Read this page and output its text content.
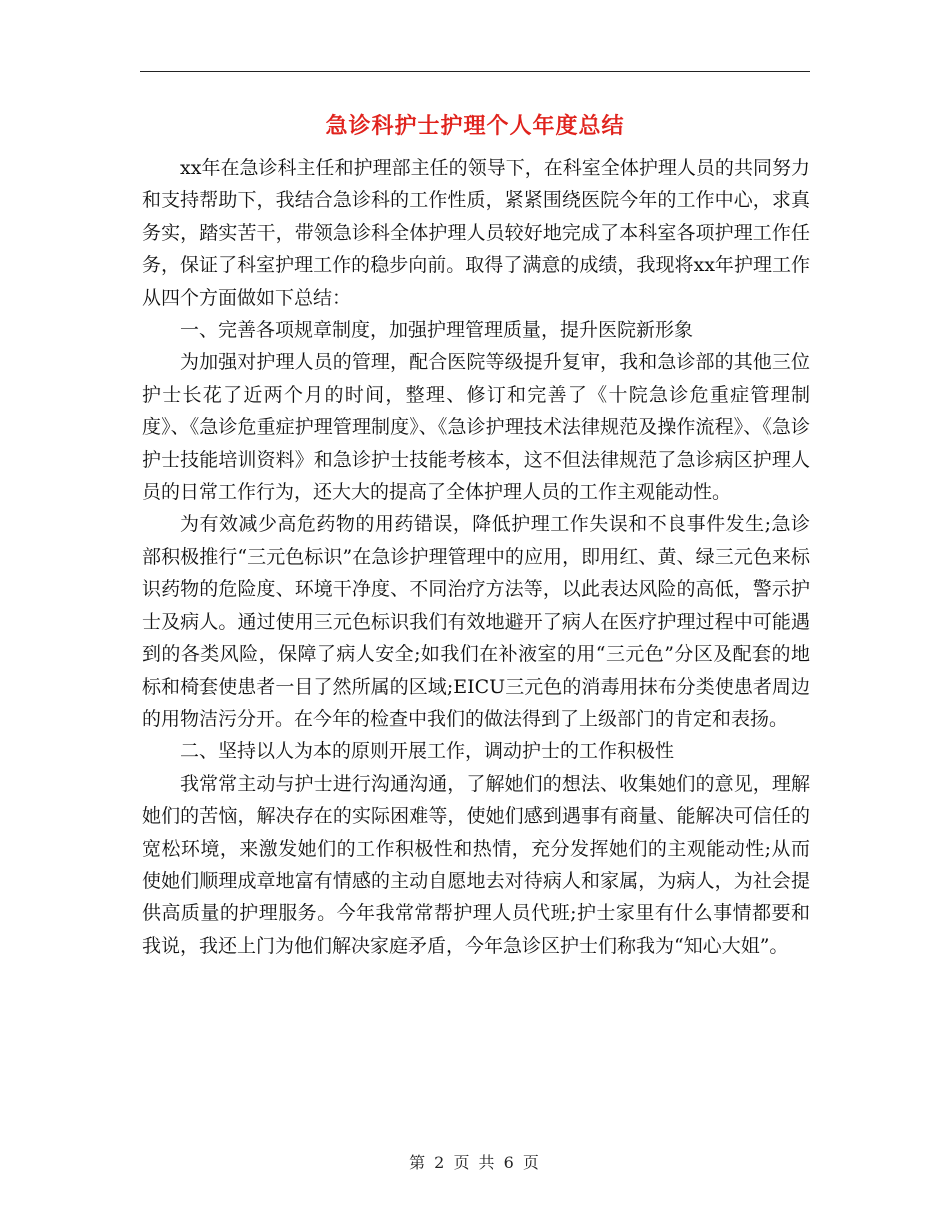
急诊科护士护理个人年度总结

xx年在急诊科主任和护理部主任的领导下，在科室全体护理人员的共同努力和支持帮助下，我结合急诊科的工作性质，紧紧围绕医院今年的工作中心，求真务实，踏实苦干，带领急诊科全体护理人员较好地完成了本科室各项护理工作任务，保证了科室护理工作的稳步向前。取得了满意的成绩，我现将xx年护理工作从四个方面做如下总结：

一、完善各项规章制度，加强护理管理质量，提升医院新形象

为加强对护理人员的管理，配合医院等级提升复审，我和急诊部的其他三位护士长花了近两个月的时间，整理、修订和完善了《十院急诊危重症管理制度》、《急诊危重症护理管理制度》、《急诊护理技术法律规范及操作流程》、《急诊护士技能培训资料》和急诊护士技能考核本，这不但法律规范了急诊病区护理人员的日常工作行为，还大大的提高了全体护理人员的工作主观能动性。

为有效减少高危药物的用药错误，降低护理工作失误和不良事件发生;急诊部积极推行“三元色标识”在急诊护理管理中的应用，即用红、黄、绿三元色来标识药物的危险度、环境干净度、不同治疗方法等，以此表达风险的高低，警示护士及病人。通过使用三元色标识我们有效地避开了病人在医疗护理过程中可能遇到的各类风险，保障了病人安全;如我们在补液室的用“三元色”分区及配套的地标和椅套使患者一目了然所属的区域;EICU三元色的消毒用抹布分类使患者周边的用物洁污分开。在今年的检查中我们的做法得到了上级部门的肯定和表扬。

二、坚持以人为本的原则开展工作，调动护士的工作积极性

我常常主动与护士进行沟通沟通，了解她们的想法、收集她们的意见，理解她们的苦恼，解决存在的实际困难等，使她们感到遇事有商量、能解决可信任的宽松环境，来激发她们的工作积极性和热情，充分发挥她们的主观能动性;从而使她们顺理成章地富有情感的主动自愿地去对待病人和家属，为病人，为社会提供高质量的护理服务。今年我常常帮护理人员代班;护士家里有什么事情都要和我说，我还上门为他们解决家庭矛盾，今年急诊区护士们称我为“知心大姐”。

第 2 页 共 6 页
